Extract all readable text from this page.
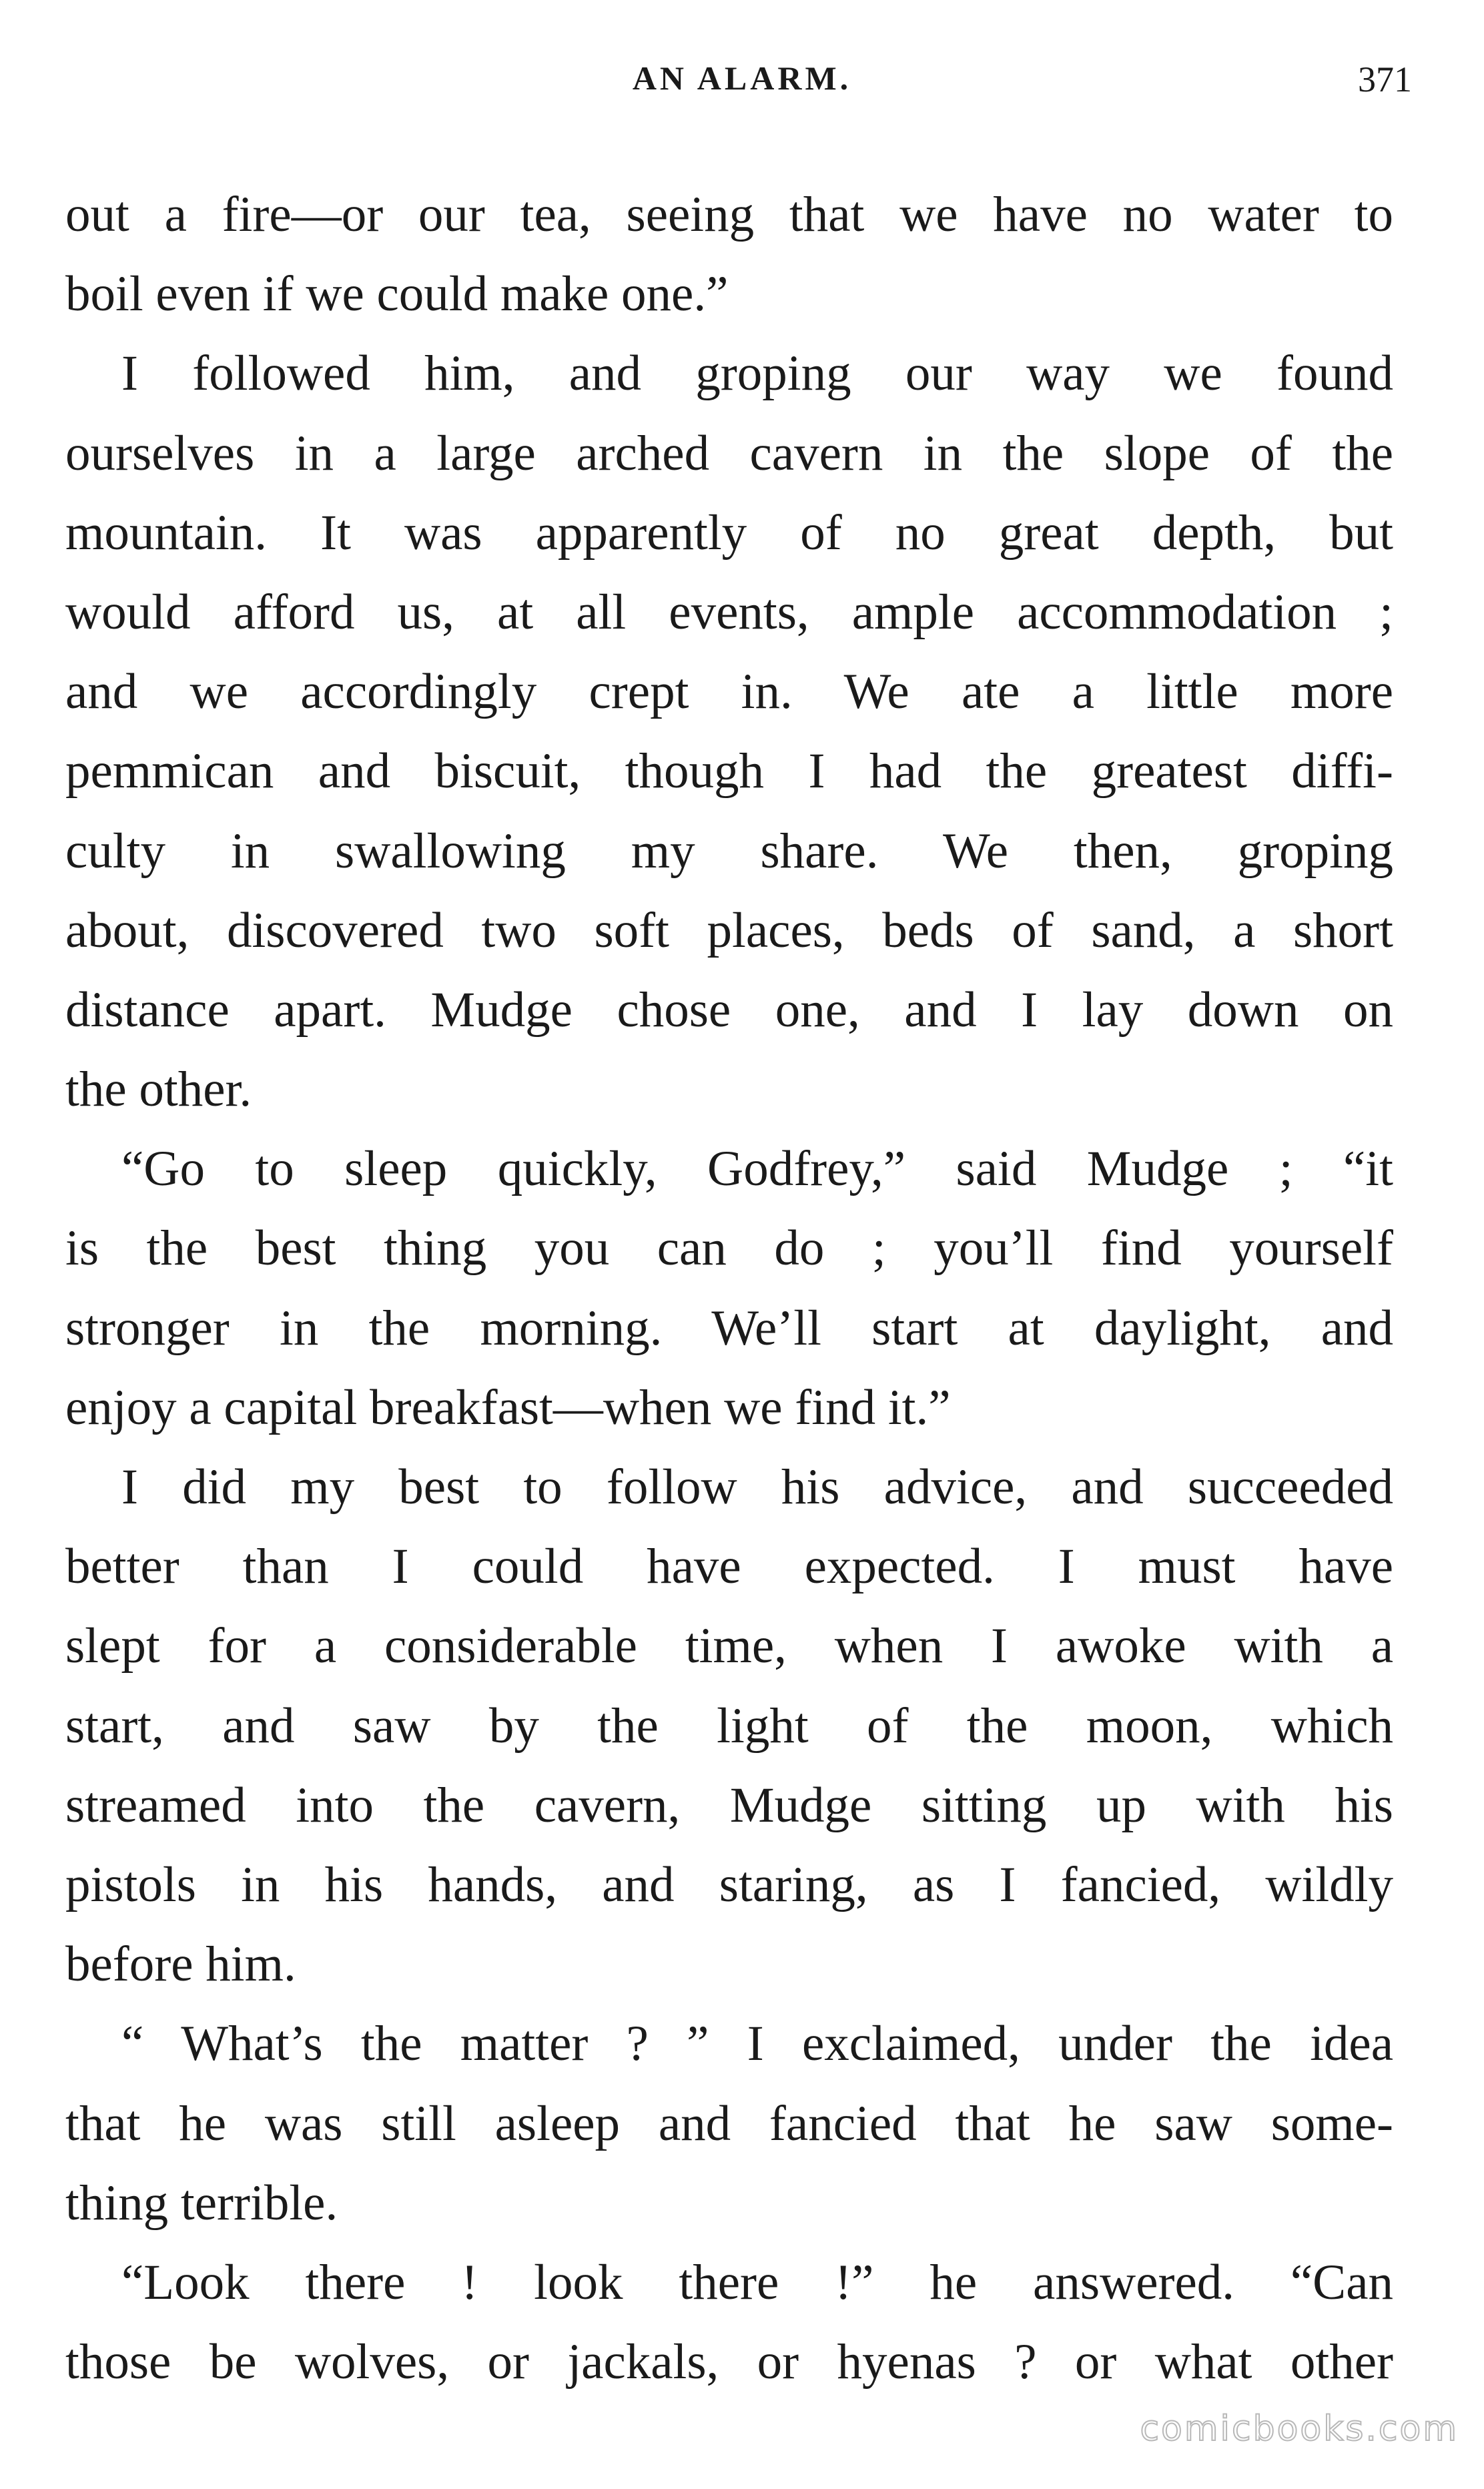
AN ALARM.	371
out a fire—or our tea, seeing that we have no water to
boil even if we could make one.”
I followed him, and groping our way we found
ourselves in a large arched cavern in the slope of the
mountain. It was apparently of no great depth, but
would afford us, at all events, ample accommodation ;
and we accordingly crept in. We ate a little more
pemmican and biscuit, though I had the greatest diffi-
culty in swallowing my share. We then, groping
about, discovered two soft places, beds of sand, a short
distance apart. Mudge chose one, and I lay down on
the other.
“Go to sleep quickly, Godfrey,” said Mudge ; “it
is the best thing you can do ; you’ll find yourself
stronger in the morning. We’ll start at daylight, and
enjoy a capital breakfast—when we find it.”
I did my best to follow his advice, and succeeded
better than I could have expected. I must have
slept for a considerable time, when I awoke with a
start, and saw by the light of the moon, which
streamed into the cavern, Mudge sitting up with his
pistols in his hands, and staring, as I fancied, wildly
before him.
“ What’s the matter ? ” I exclaimed, under the idea
that he was still asleep and fancied that he saw some-
thing terrible.
“Look there ! look there !” he answered. “Can
those be wolves, or jackals, or hyenas ? or what other
comicbooks.com
